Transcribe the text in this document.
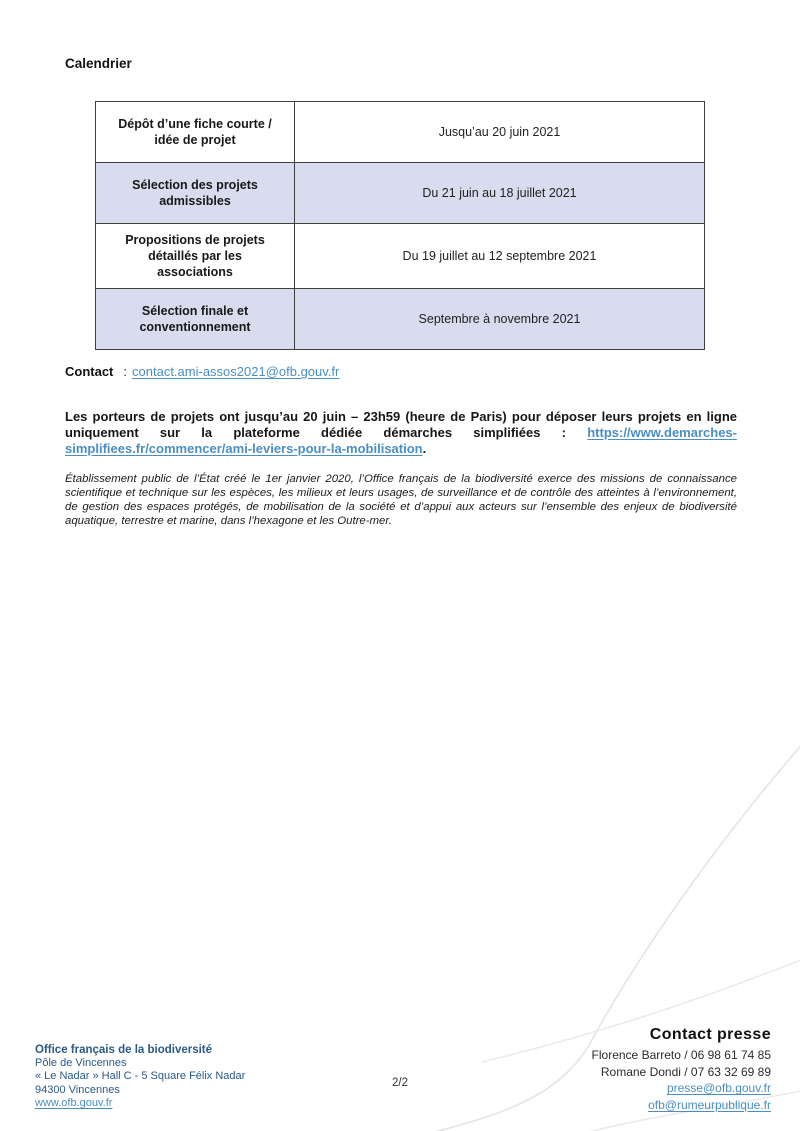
Calendrier
Dépôt d’une fiche courte / idée de projet
Jusqu’au 20 juin 2021
Sélection des projets admissibles
Du 21 juin au 18 juillet 2021
Propositions de projets détaillés par les associations
Du 19 juillet au 12 septembre 2021
Sélection finale et conventionnement
Septembre à novembre 2021
Contact : contact.ami-assos2021@ofb.gouv.fr

Les porteurs de projets ont jusqu’au 20 juin – 23h59 (heure de Paris) pour déposer leurs projets en ligne uniquement sur la plateforme dédiée démarches simplifiées : https://www.demarches-simplifiees.fr/commencer/ami-leviers-pour-la-mobilisation.

Établissement public de l’État créé le 1er janvier 2020, l’Office français de la biodiversité exerce des missions de connaissance scientifique et technique sur les espèces, les milieux et leurs usages, de surveillance et de contrôle des atteintes à l’environnement, de gestion des espaces protégés, de mobilisation de la société et d’appui aux acteurs sur l’ensemble des enjeux de biodiversité aquatique, terrestre et marine, dans l’hexagone et les Outre-mer.

Office français de la biodiversité
Pôle de Vincennes
« Le Nadar » Hall C - 5 Square Félix Nadar
94300 Vincennes
www.ofb.gouv.fr
2/2
Contact presse
Florence Barreto / 06 98 61 74 85
Romane Dondi / 07 63 32 69 89
presse@ofb.gouv.fr
ofb@rumeurpublique.fr
